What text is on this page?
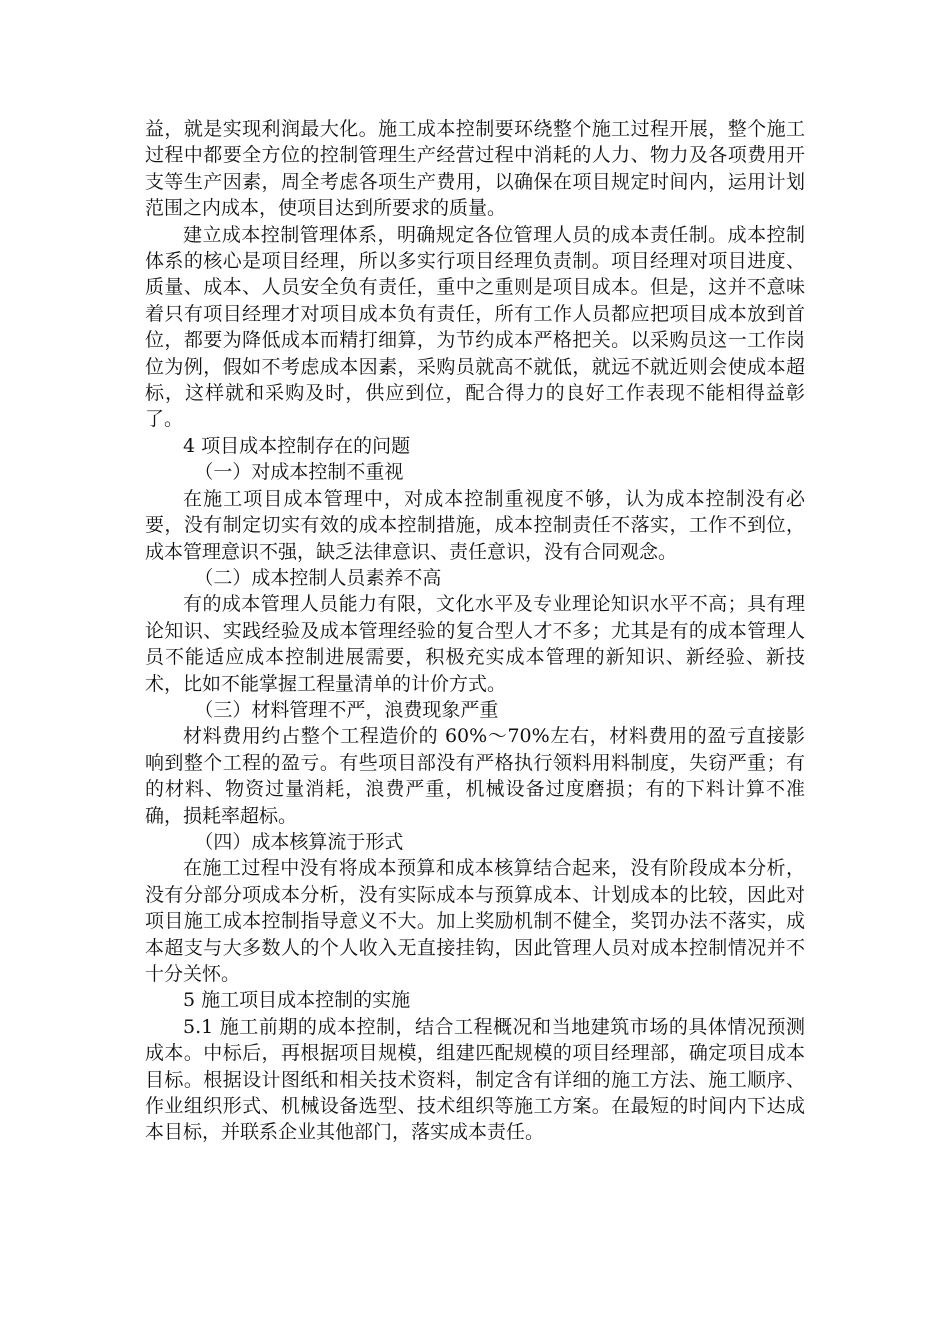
益，就是实现利润最大化。施工成本控制要环绕整个施工过程开展，整个施工过程中都要全方位的控制管理生产经营过程中消耗的人力、物力及各项费用开支等生产因素，周全考虑各项生产费用，以确保在项目规定时间内，运用计划范围之内成本，使项目达到所要求的质量。

建立成本控制管理体系，明确规定各位管理人员的成本责任制。成本控制体系的核心是项目经理，所以多实行项目经理负责制。项目经理对项目进度、质量、成本、人员安全负有责任，重中之重则是项目成本。但是，这并不意味着只有项目经理才对项目成本负有责任，所有工作人员都应把项目成本放到首位，都要为降低成本而精打细算，为节约成本严格把关。以采购员这一工作岗位为例，假如不考虑成本因素，采购员就高不就低，就远不就近则会使成本超标，这样就和采购及时，供应到位，配合得力的良好工作表现不能相得益彰了。

4 项目成本控制存在的问题

（一）对成本控制不重视

在施工项目成本管理中，对成本控制重视度不够，认为成本控制没有必要，没有制定切实有效的成本控制措施，成本控制责任不落实，工作不到位，成本管理意识不强，缺乏法律意识、责任意识，没有合同观念。

（二）成本控制人员素养不高

有的成本管理人员能力有限，文化水平及专业理论知识水平不高；具有理论知识、实践经验及成本管理经验的复合型人才不多；尤其是有的成本管理人员不能适应成本控制进展需要，积极充实成本管理的新知识、新经验、新技术，比如不能掌握工程量清单的计价方式。

（三）材料管理不严，浪费现象严重

材料费用约占整个工程造价的 60%～70%左右，材料费用的盈亏直接影响到整个工程的盈亏。有些项目部没有严格执行领料用料制度，失窃严重；有的材料、物资过量消耗，浪费严重，机械设备过度磨损；有的下料计算不准确，损耗率超标。

（四）成本核算流于形式

在施工过程中没有将成本预算和成本核算结合起来，没有阶段成本分析，没有分部分项成本分析，没有实际成本与预算成本、计划成本的比较，因此对项目施工成本控制指导意义不大。加上奖励机制不健全，奖罚办法不落实，成本超支与大多数人的个人收入无直接挂钩，因此管理人员对成本控制情况并不十分关怀。

5 施工项目成本控制的实施

5.1 施工前期的成本控制，结合工程概况和当地建筑市场的具体情况预测成本。中标后，再根据项目规模，组建匹配规模的项目经理部，确定项目成本目标。根据设计图纸和相关技术资料，制定含有详细的施工方法、施工顺序、作业组织形式、机械设备选型、技术组织等施工方案。在最短的时间内下达成本目标，并联系企业其他部门，落实成本责任。
